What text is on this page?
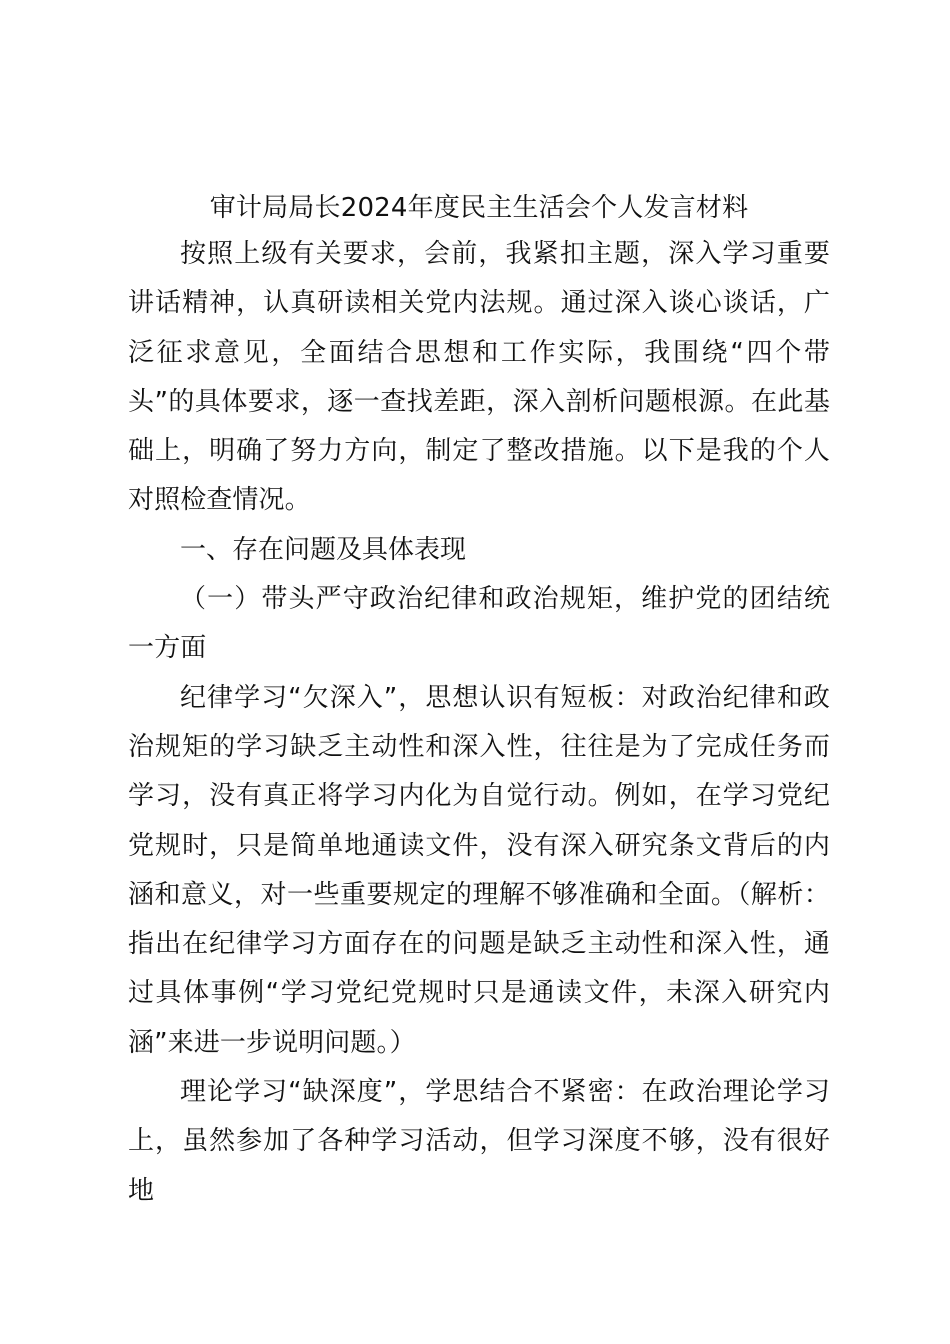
审计局局长2024年度民主生活会个人发言材料

按照上级有关要求，会前，我紧扣主题，深入学习重要讲话精神，认真研读相关党内法规。通过深入谈心谈话，广泛征求意见，全面结合思想和工作实际，我围绕“四个带头”的具体要求，逐一查找差距，深入剖析问题根源。在此基础上，明确了努力方向，制定了整改措施。以下是我的个人对照检查情况。

一、存在问题及具体表现

（一）带头严守政治纪律和政治规矩，维护党的团结统一方面

纪律学习“欠深入”，思想认识有短板：对政治纪律和政治规矩的学习缺乏主动性和深入性，往往是为了完成任务而学习，没有真正将学习内化为自觉行动。例如，在学习党纪党规时，只是简单地通读文件，没有深入研究条文背后的内涵和意义，对一些重要规定的理解不够准确和全面。（解析：指出在纪律学习方面存在的问题是缺乏主动性和深入性，通过具体事例“学习党纪党规时只是通读文件，未深入研究内涵”来进一步说明问题。）

理论学习“缺深度”，学思结合不紧密：在政治理论学习上，虽然参加了各种学习活动，但学习深度不够，没有很好地
